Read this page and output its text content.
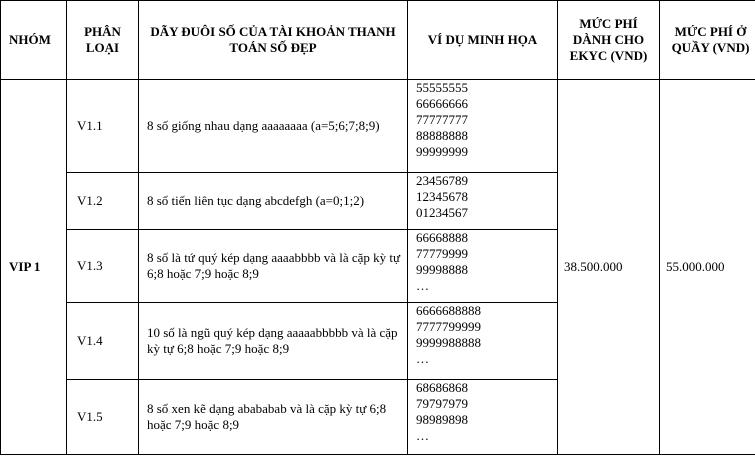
NHÓM	PHÂN LOẠI	DÃY ĐUÔI SỐ CỦA TÀI KHOẢN THANH TOÁN SỐ ĐẸP	VÍ DỤ MINH HỌA	MỨC PHÍ DÀNH CHO EKYC (VND)	MỨC PHÍ Ở QUẦY (VND)
VIP 1	V1.1	8 số giống nhau dạng aaaaaaaa (a=5;6;7;8;9)	55555555
66666666
77777777
88888888
99999999	38.500.000	55.000.000
	V1.2	8 số tiến liên tục dạng abcdefgh (a=0;1;2)	23456789
12345678
01234567		
	V1.3	8 số là tứ quý kép dạng aaaabbbb và là cặp kỳ tự 6;8 hoặc 7;9 hoặc 8;9	66668888
77779999
99998888
…		
	V1.4	10 số là ngũ quý kép dạng aaaaabbbbb và là cặp kỳ tự 6;8 hoặc 7;9 hoặc 8;9	6666688888
7777799999
9999988888
…		
	V1.5	8 số xen kẽ dạng abababab và là cặp kỳ tự 6;8 hoặc 7;9 hoặc 8;9	68686868
79797979
98989898
…		
